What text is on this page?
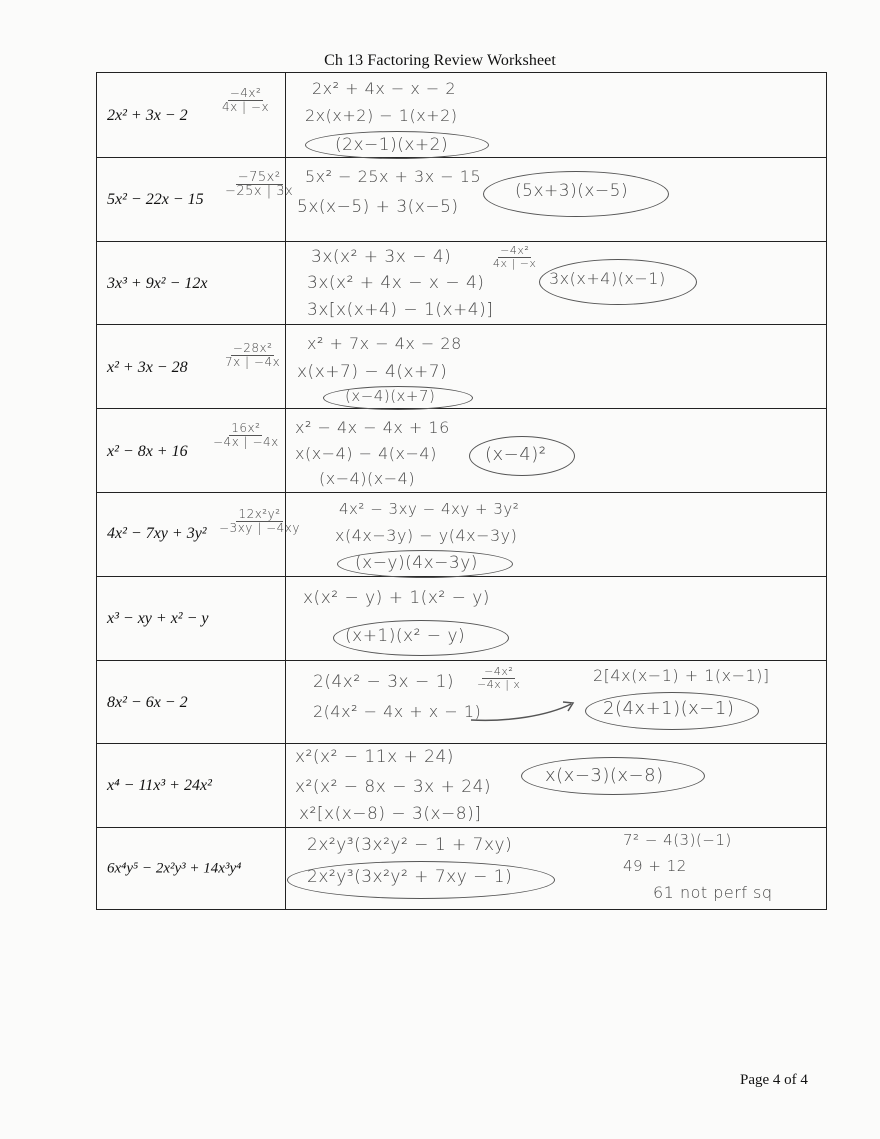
Ch 13 Factoring Review Worksheet
2x² + 3x − 2
−4x²
4x | −x
2x² + 4x − x − 2
2x(x+2) − 1(x+2)
(2x−1)(x+2)
5x² − 22x − 15
−75x²
−25x | 3x
5x² − 25x + 3x − 15
5x(x−5) + 3(x−5)
(5x+3)(x−5)
3x³ + 9x² − 12x
3x(x² + 3x − 4)
3x(x² + 4x − x − 4)
3x[x(x+4) − 1(x+4)]
−4x²
4x | −x
3x(x+4)(x−1)
x² + 3x − 28
−28x²
7x | −4x
x² + 7x − 4x − 28
x(x+7) − 4(x+7)
(x−4)(x+7)
x² − 8x + 16
16x²
−4x | −4x
x² − 4x − 4x + 16
x(x−4) − 4(x−4)
(x−4)(x−4)
(x−4)²
4x² − 7xy + 3y²
12x²y²
−3xy | −4xy
4x² − 3xy − 4xy + 3y²
x(4x−3y) − y(4x−3y)
(x−y)(4x−3y)
x³ − xy + x² − y
x(x² − y) + 1(x² − y)
(x+1)(x² − y)
8x² − 6x − 2
2(4x² − 3x − 1)
2(4x² − 4x + x − 1)
−4x²
−4x | x	2[4x(x−1) + 1(x−1)]
2(4x+1)(x−1)
x⁴ − 11x³ + 24x²
x²(x² − 11x + 24)
x²(x² − 8x − 3x + 24)
x²[x(x−8) − 3(x−8)]
x(x−3)(x−8)
6x⁴y⁵ − 2x²y³ + 14x³y⁴
2x²y³(3x²y² − 1 + 7xy)
2x²y³(3x²y² + 7xy − 1)
7² − 4(3)(−1)
49 + 12
61 not perf sq
Page 4 of 4
